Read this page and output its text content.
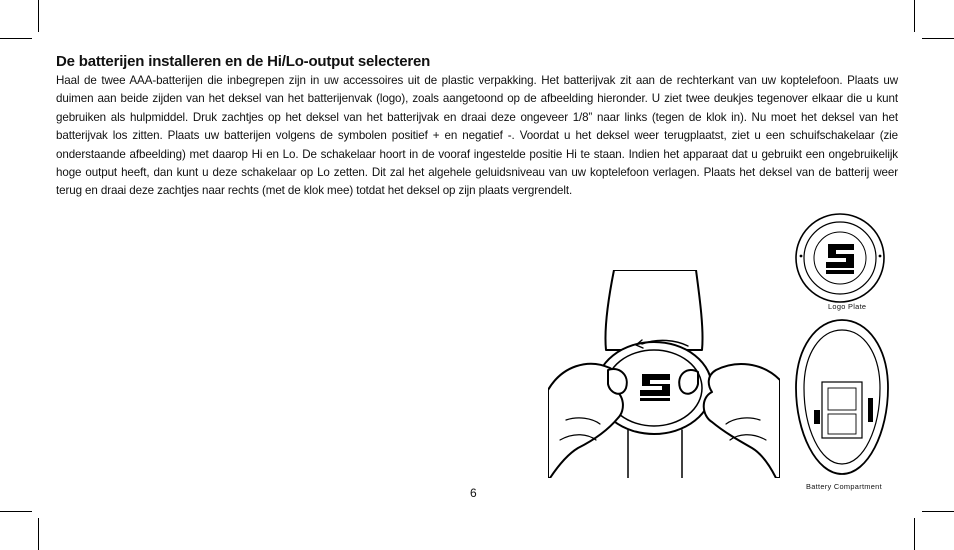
De batterijen installeren en de Hi/Lo-output selecteren
Haal de twee AAA-batterijen die inbegrepen zijn in uw accessoires uit de plastic verpakking. Het batterijvak zit aan de rechterkant van uw koptelefoon. Plaats uw duimen aan beide zijden van het deksel van het batterijenvak (logo), zoals aangetoond op de afbeelding hieronder. U ziet twee deukjes tegenover elkaar die u kunt gebruiken als hulpmiddel. Druk zachtjes op het deksel van het batterijvak en draai deze ongeveer 1/8” naar links (tegen de klok in). Nu moet het deksel van het batterijvak los zitten. Plaats uw batterijen volgens de symbolen positief + en negatief -. Voordat u het deksel weer terugplaatst, ziet u een schuifschakelaar (zie onderstaande afbeelding) met daarop Hi en Lo. De schakelaar hoort in de vooraf ingestelde positie Hi te staan. Indien het apparaat dat u gebruikt een ongebruikelijk hoge output heeft, dan kunt u deze schakelaar op Lo zetten. Dit zal het algehele geluidsniveau van uw koptelefoon verlagen. Plaats het deksel van de batterij weer terug en draai deze zachtjes naar rechts (met de klok mee) totdat het deksel op zijn plaats vergrendelt.
Logo Plate
Battery Compartment
6
